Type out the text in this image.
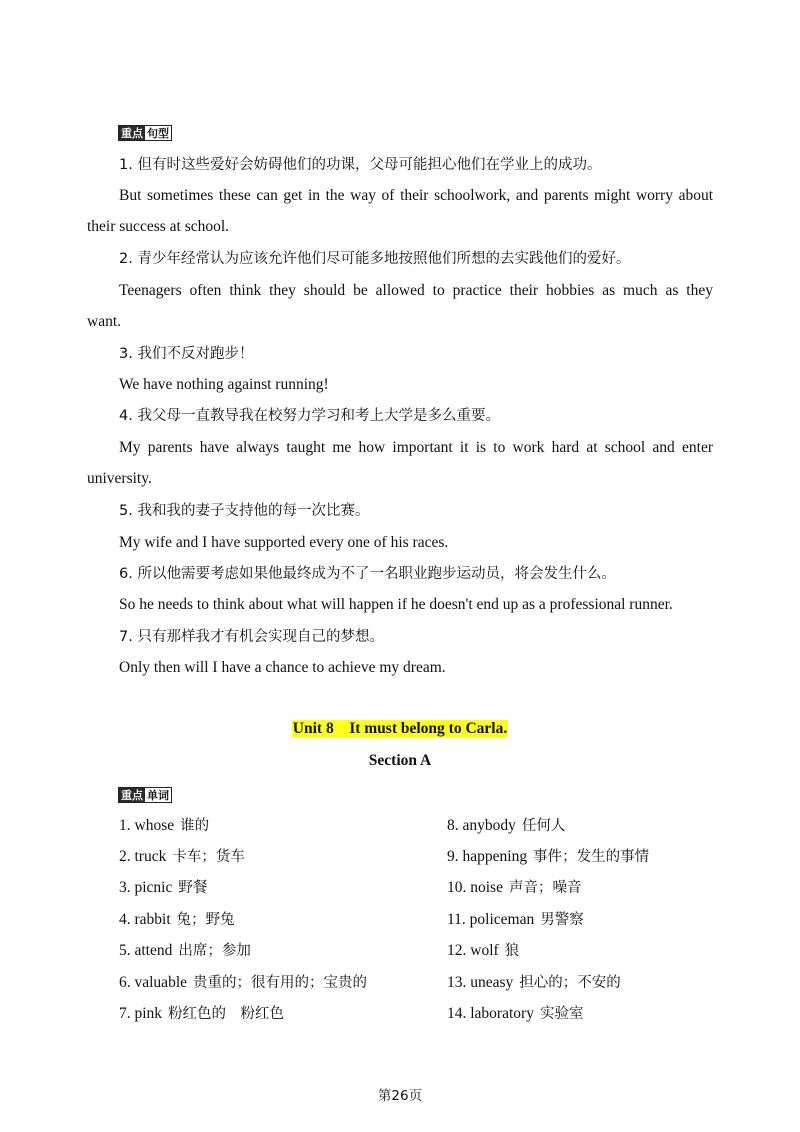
重点 句型
1. 但有时这些爱好会妨碍他们的功课，父母可能担心他们在学业上的成功。
But sometimes these can get in the way of their schoolwork, and parents might worry about
their success at school.
2. 青少年经常认为应该允许他们尽可能多地按照他们所想的去实践他们的爱好。
Teenagers often think they should be allowed to practice their hobbies as much as they
want.
3. 我们不反对跑步！
We have nothing against running!
4. 我父母一直教导我在校努力学习和考上大学是多么重要。
My parents have always taught me how important it is to work hard at school and enter
university.
5. 我和我的妻子支持他的每一次比赛。
My wife and I have supported every one of his races.
6. 所以他需要考虑如果他最终成为不了一名职业跑步运动员，将会发生什么。
So he needs to think about what will happen if he doesn't end up as a professional runner.
7. 只有那样我才有机会实现自己的梦想。
Only then will I have a chance to achieve my dream.
Unit 8    It must belong to Carla.
Section A
重点 单词
1. whose 谁的
2. truck 卡车；货车
3. picnic 野餐
4. rabbit 兔；野兔
5. attend 出席；参加
6. valuable 贵重的；很有用的；宝贵的
7. pink 粉红色的　粉红色
8. anybody 任何人
9. happening 事件；发生的事情
10. noise 声音；噪音
11. policeman 男警察
12. wolf 狼
13. uneasy 担心的；不安的
14. laboratory 实验室
第26页
